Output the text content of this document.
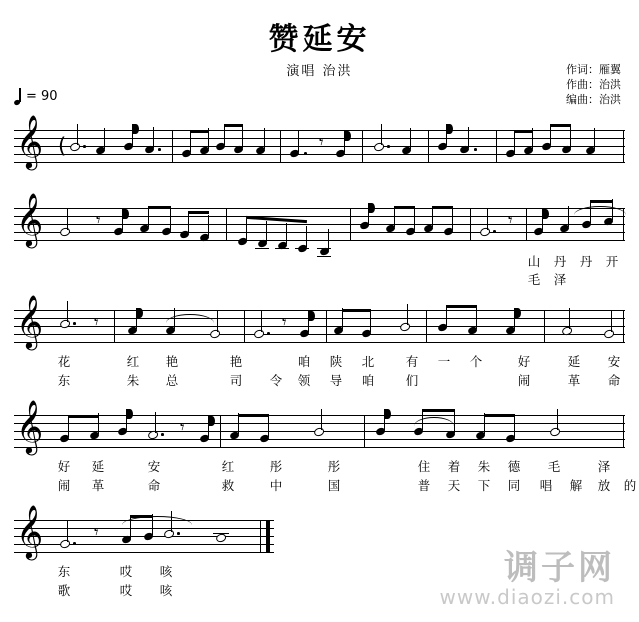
赞延安
演唱 治洪	作词：雁翼
作曲：治洪
编曲：治洪
= 90
𝄞 (	𝄾
𝄞	𝄾	𝄾
山 丹 丹 开
毛 泽
𝄞	𝄾	𝄾
花	红 艳	艳	咱 陕 北	有 一 个	好	延 安
东	朱 总	司 令 领 导 咱	们	闹	革 命
𝄞	𝄾
好 延	安	红	彤	彤	住 着 朱 德 毛	泽
闹 革	命	救	中	国	普 天 下 同 唱 解 放 的
𝄞	𝄾
东	哎 咳
歌	哎 咳
调子网
www.diaozi.com
